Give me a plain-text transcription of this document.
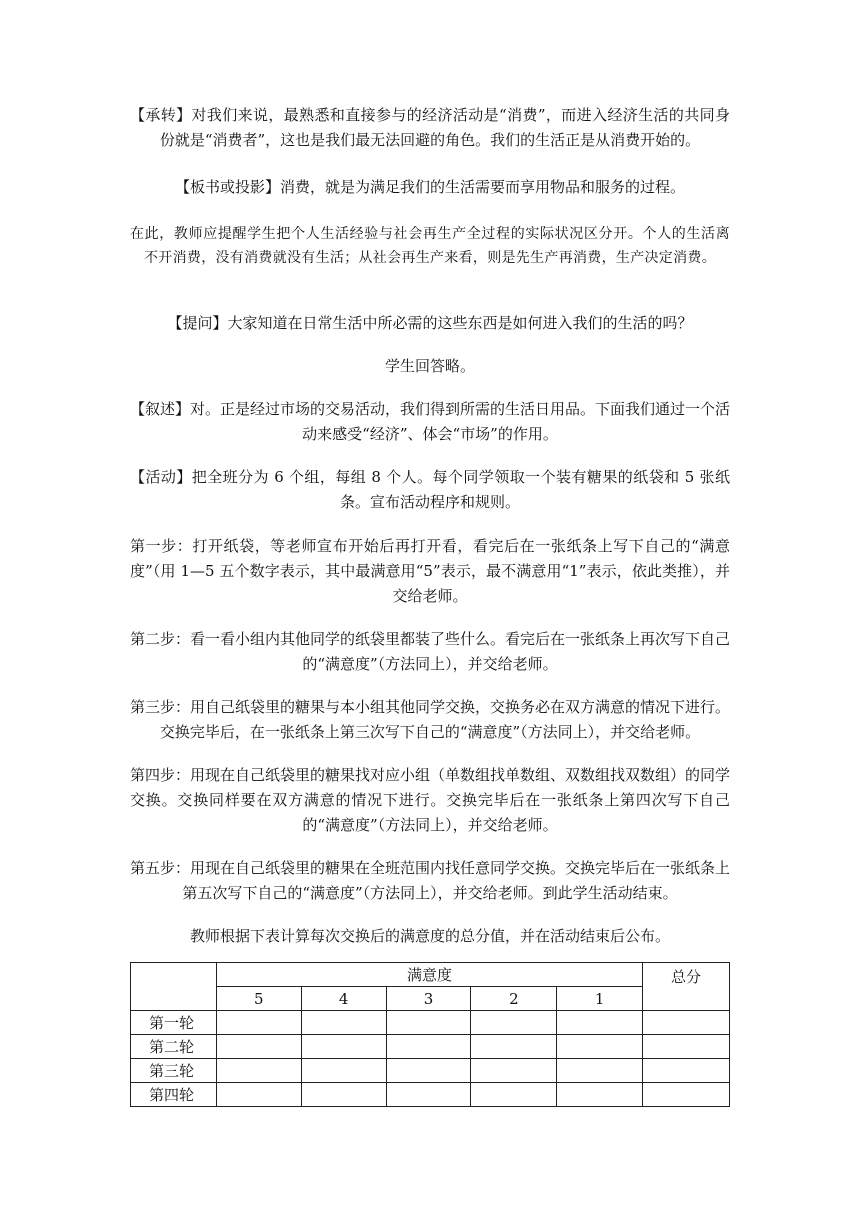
【承转】对我们来说，最熟悉和直接参与的经济活动是“消费”，而进入经济生活的共同身份就是“消费者”，这也是我们最无法回避的角色。我们的生活正是从消费开始的。

【板书或投影】消费，就是为满足我们的生活需要而享用物品和服务的过程。

在此，教师应提醒学生把个人生活经验与社会再生产全过程的实际状况区分开。个人的生活离不开消费，没有消费就没有生活；从社会再生产来看，则是先生产再消费，生产决定消费。

【提问】大家知道在日常生活中所必需的这些东西是如何进入我们的生活的吗？

学生回答略。

【叙述】对。正是经过市场的交易活动，我们得到所需的生活日用品。下面我们通过一个活动来感受“经济”、体会“市场”的作用。

【活动】把全班分为 6 个组，每组 8 个人。每个同学领取一个装有糖果的纸袋和 5 张纸条。宣布活动程序和规则。

第一步：打开纸袋，等老师宣布开始后再打开看，看完后在一张纸条上写下自己的“满意度”（用 1—5 五个数字表示，其中最满意用“5”表示，最不满意用“1”表示，依此类推），并交给老师。

第二步：看一看小组内其他同学的纸袋里都装了些什么。看完后在一张纸条上再次写下自己的“满意度”（方法同上），并交给老师。

第三步：用自己纸袋里的糖果与本小组其他同学交换，交换务必在双方满意的情况下进行。交换完毕后，在一张纸条上第三次写下自己的“满意度”（方法同上），并交给老师。

第四步：用现在自己纸袋里的糖果找对应小组（单数组找单数组、双数组找双数组）的同学交换。交换同样要在双方满意的情况下进行。交换完毕后在一张纸条上第四次写下自己的“满意度”（方法同上），并交给老师。

第五步：用现在自己纸袋里的糖果在全班范围内找任意同学交换。交换完毕后在一张纸条上第五次写下自己的“满意度”（方法同上），并交给老师。到此学生活动结束。

教师根据下表计算每次交换后的满意度的总分值，并在活动结束后公布。

	满意度					总分
	5	4	3	2	1	
第一轮						
第二轮						
第三轮						
第四轮						
